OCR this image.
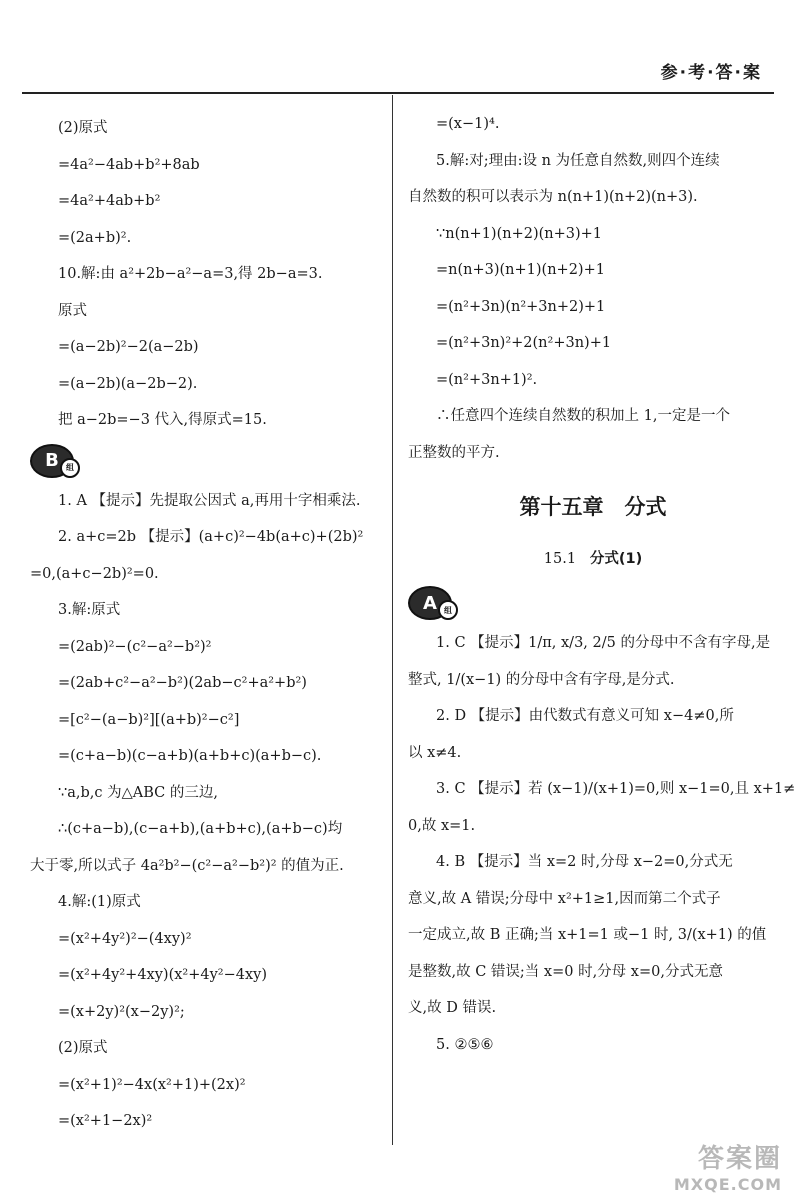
参·考·答·案
(2)原式
=4a²−4ab+b²+8ab
=4a²+4ab+b²
=(2a+b)².
10.解:由 a²+2b−a²−a=3,得 2b−a=3.
原式
=(a−2b)²−2(a−2b)
=(a−2b)(a−2b−2).
把 a−2b=−3 代入,得原式=15.
B 组
1. A 【提示】先提取公因式 a,再用十字相乘法.
2. a+c=2b 【提示】(a+c)²−4b(a+c)+(2b)²
=0,(a+c−2b)²=0.
3.解:原式
=(2ab)²−(c²−a²−b²)²
=(2ab+c²−a²−b²)(2ab−c²+a²+b²)
=[c²−(a−b)²][(a+b)²−c²]
=(c+a−b)(c−a+b)(a+b+c)(a+b−c).
∵a,b,c 为△ABC 的三边,
∴(c+a−b),(c−a+b),(a+b+c),(a+b−c)均
大于零,所以式子 4a²b²−(c²−a²−b²)² 的值为正.
4.解:(1)原式
=(x²+4y²)²−(4xy)²
=(x²+4y²+4xy)(x²+4y²−4xy)
=(x+2y)²(x−2y)²;
(2)原式
=(x²+1)²−4x(x²+1)+(2x)²
=(x²+1−2x)²
=(x−1)⁴.
5.解:对;理由:设 n 为任意自然数,则四个连续
自然数的积可以表示为 n(n+1)(n+2)(n+3).
∵n(n+1)(n+2)(n+3)+1
=n(n+3)(n+1)(n+2)+1
=(n²+3n)(n²+3n+2)+1
=(n²+3n)²+2(n²+3n)+1
=(n²+3n+1)².
∴任意四个连续自然数的积加上 1,一定是一个
正整数的平方.
第十五章　分式
15.1 分式(1)
A 组
1. C 【提示】1/π, x/3, 2/5 的分母中不含有字母,是
整式, 1/(x−1) 的分母中含有字母,是分式.
2. D 【提示】由代数式有意义可知 x−4≠0,所
以 x≠4.
3. C 【提示】若 (x−1)/(x+1)=0,则 x−1=0,且 x+1≠
0,故 x=1.
4. B 【提示】当 x=2 时,分母 x−2=0,分式无
意义,故 A 错误;分母中 x²+1≥1,因而第二个式子
一定成立,故 B 正确;当 x+1=1 或−1 时, 3/(x+1) 的值
是整数,故 C 错误;当 x=0 时,分母 x=0,分式无意
义,故 D 错误.
5. ②⑤⑥
答案圈
MXQE.COM
